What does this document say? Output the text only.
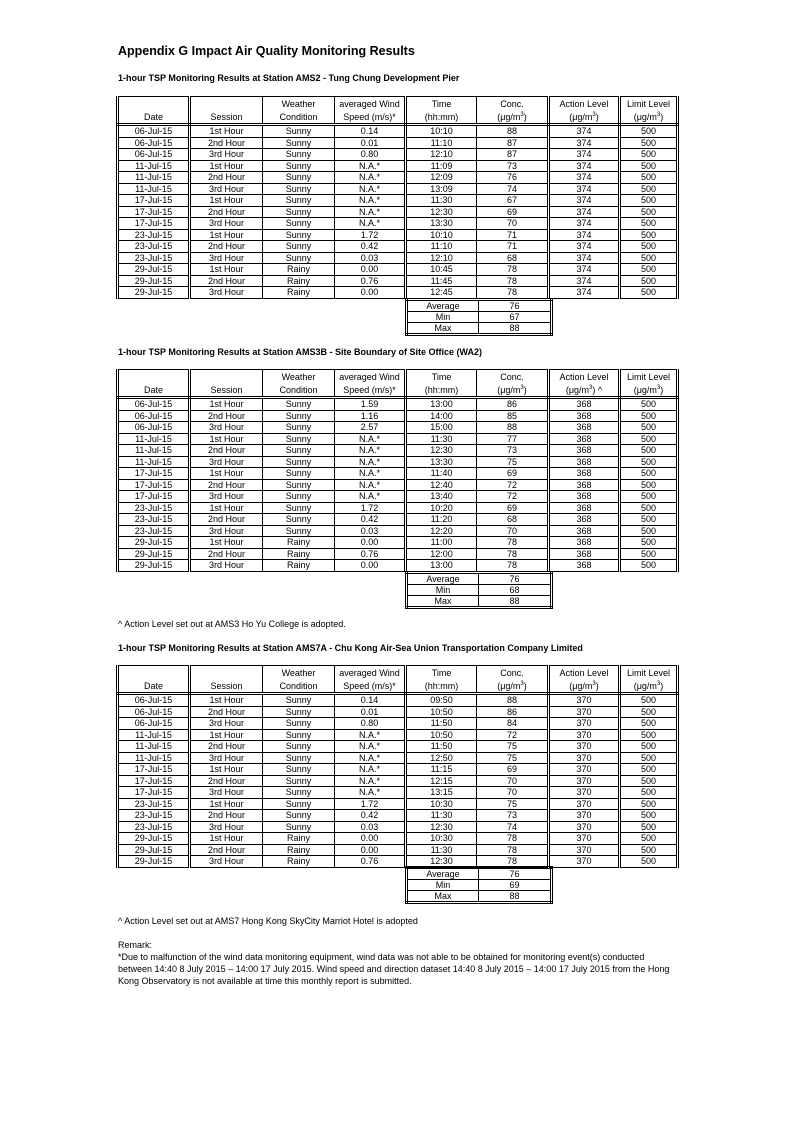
Appendix G Impact Air Quality Monitoring Results
1-hour TSP Monitoring Results at Station AMS2 - Tung Chung Development Pier
		Weather	averaged Wind	Time	Conc.	Action Level	Limit Level
Date	Session	Condition	Speed (m/s)*	(hh:mm)	$(\mu g/m^3)$	$(\mu g/m^3)$	$(\mu g/m^3)$
06-Jul-15	1st Hour	Sunny	0.14	10:10	88	374	500
06-Jul-15	2nd Hour	Sunny	0.01	11:10	87	374	500
06-Jul-15	3rd Hour	Sunny	0.80	12:10	87	374	500
11-Jul-15	1st Hour	Sunny	N.A.*	11:09	73	374	500
11-Jul-15	2nd Hour	Sunny	N.A.*	12:09	76	374	500
11-Jul-15	3rd Hour	Sunny	N.A.*	13:09	74	374	500
17-Jul-15	1st Hour	Sunny	N.A.*	11:30	67	374	500
17-Jul-15	2nd Hour	Sunny	N.A.*	12:30	69	374	500
17-Jul-15	3rd Hour	Sunny	N.A.*	13:30	70	374	500
23-Jul-15	1st Hour	Sunny	1.72	10:10	71	374	500
23-Jul-15	2nd Hour	Sunny	0.42	11:10	71	374	500
23-Jul-15	3rd Hour	Sunny	0.03	12:10	68	374	500
29-Jul-15	1st Hour	Rainy	0.00	10:45	78	374	500
29-Jul-15	2nd Hour	Rainy	0.76	11:45	78	374	500
29-Jul-15	3rd Hour	Rainy	0.00	12:45	78	374	500
Average	76
Min	67
Max	88
1-hour TSP Monitoring Results at Station AMS3B - Site Boundary of Site Office (WA2)
		Weather	averaged Wind	Time	Conc.	Action Level	Limit Level
Date	Session	Condition	Speed (m/s)*	(hh:mm)	$(\mu g/m^3)$	$(\mu g/m^3)$ ^	$(\mu g/m^3)$
06-Jul-15	1st Hour	Sunny	1.59	13:00	86	368	500
06-Jul-15	2nd Hour	Sunny	1.16	14:00	85	368	500
06-Jul-15	3rd Hour	Sunny	2.57	15:00	88	368	500
11-Jul-15	1st Hour	Sunny	N.A.*	11:30	77	368	500
11-Jul-15	2nd Hour	Sunny	N.A.*	12:30	73	368	500
11-Jul-15	3rd Hour	Sunny	N.A.*	13:30	75	368	500
17-Jul-15	1st Hour	Sunny	N.A.*	11:40	69	368	500
17-Jul-15	2nd Hour	Sunny	N.A.*	12:40	72	368	500
17-Jul-15	3rd Hour	Sunny	N.A.*	13:40	72	368	500
23-Jul-15	1st Hour	Sunny	1.72	10:20	69	368	500
23-Jul-15	2nd Hour	Sunny	0.42	11:20	68	368	500
23-Jul-15	3rd Hour	Sunny	0.03	12:20	70	368	500
29-Jul-15	1st Hour	Rainy	0.00	11:00	78	368	500
29-Jul-15	2nd Hour	Rainy	0.76	12:00	78	368	500
29-Jul-15	3rd Hour	Rainy	0.00	13:00	78	368	500
Average	76
Min	68
Max	88
^ Action Level set out at AMS3 Ho Yu College is adopted.
1-hour TSP Monitoring Results at Station AMS7A - Chu Kong Air-Sea Union Transportation Company Limited
		Weather	averaged Wind	Time	Conc.	Action Level	Limit Level
Date	Session	Condition	Speed (m/s)*	(hh:mm)	$(\mu g/m^3)$	$(\mu g/m^3)$	$(\mu g/m^3)$
06-Jul-15	1st Hour	Sunny	0.14	09:50	88	370	500
06-Jul-15	2nd Hour	Sunny	0.01	10:50	86	370	500
06-Jul-15	3rd Hour	Sunny	0.80	11:50	84	370	500
11-Jul-15	1st Hour	Sunny	N.A.*	10:50	72	370	500
11-Jul-15	2nd Hour	Sunny	N.A.*	11:50	75	370	500
11-Jul-15	3rd Hour	Sunny	N.A.*	12:50	75	370	500
17-Jul-15	1st Hour	Sunny	N.A.*	11:15	69	370	500
17-Jul-15	2nd Hour	Sunny	N.A.*	12:15	70	370	500
17-Jul-15	3rd Hour	Sunny	N.A.*	13:15	70	370	500
23-Jul-15	1st Hour	Sunny	1.72	10:30	75	370	500
23-Jul-15	2nd Hour	Sunny	0.42	11:30	73	370	500
23-Jul-15	3rd Hour	Sunny	0.03	12:30	74	370	500
29-Jul-15	1st Hour	Rainy	0.00	10:30	78	370	500
29-Jul-15	2nd Hour	Rainy	0.00	11:30	78	370	500
29-Jul-15	3rd Hour	Rainy	0.76	12:30	78	370	500
Average	76
Min	69
Max	88
^ Action Level set out at AMS7 Hong Kong SkyCity Marriot Hotel is adopted

Remark:

*Due to malfunction of the wind data monitoring equipment, wind data was not able to be obtained for monitoring event(s) conducted between 14:40 8 July 2015 – 14:00 17 July 2015. Wind speed and direction dataset 14:40 8 July 2015 – 14:00 17 July 2015 from the Hong Kong Observatory is not available at time this monthly report is submitted.
